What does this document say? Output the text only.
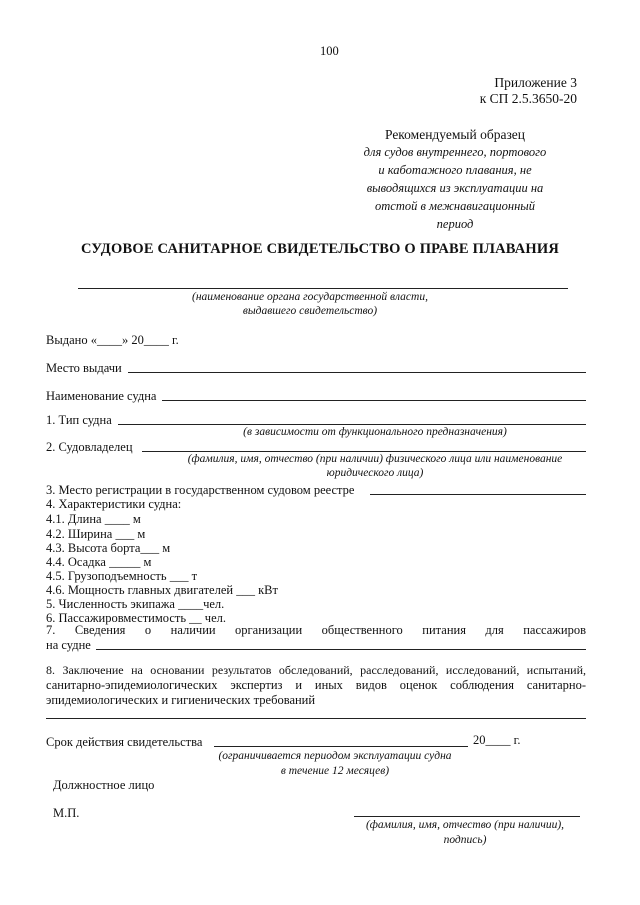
100
Приложение 3
к СП 2.5.3650-20
Рекомендуемый образец
для судов внутреннего, портового
и каботажного плавания, не
выводящихся из эксплуатации на
отстой в межнавигационный
период
СУДОВОЕ САНИТАРНОЕ СВИДЕТЕЛЬСТВО О ПРАВЕ ПЛАВАНИЯ
(наименование органа государственной власти,
выдавшего свидетельство)
Выдано «____» 20____ г.
Место выдачи
Наименование судна
1. Тип судна
(в зависимости от функционального предназначения)
2. Судовладелец
(фамилия, имя, отчество (при наличии) физического лица или наименование
юридического лица)
3. Место регистрации в государственном судовом реестре
4. Характеристики судна:
4.1. Длина ____ м
4.2. Ширина ___ м
4.3. Высота борта___ м
4.4. Осадка _____ м
4.5. Грузоподъемность ___ т
4.6. Мощность главных двигателей ___ кВт
5. Численность экипажа ____чел.
6. Пассажировместимость __ чел.
7. Сведения о наличии организации общественного питания для пассажиров
на судне
8. Заключение на основании результатов обследований, расследований, исследований, испытаний,
санитарно-эпидемиологических экспертиз и иных видов оценок соблюдения санитарно-
эпидемиологических и гигиенических требований
Срок действия свидетельства	20____ г.
(ограничивается периодом эксплуатации судна
в течение 12 месяцев)
Должностное лицо
М.П.
(фамилия, имя, отчество (при наличии),
подпись)
